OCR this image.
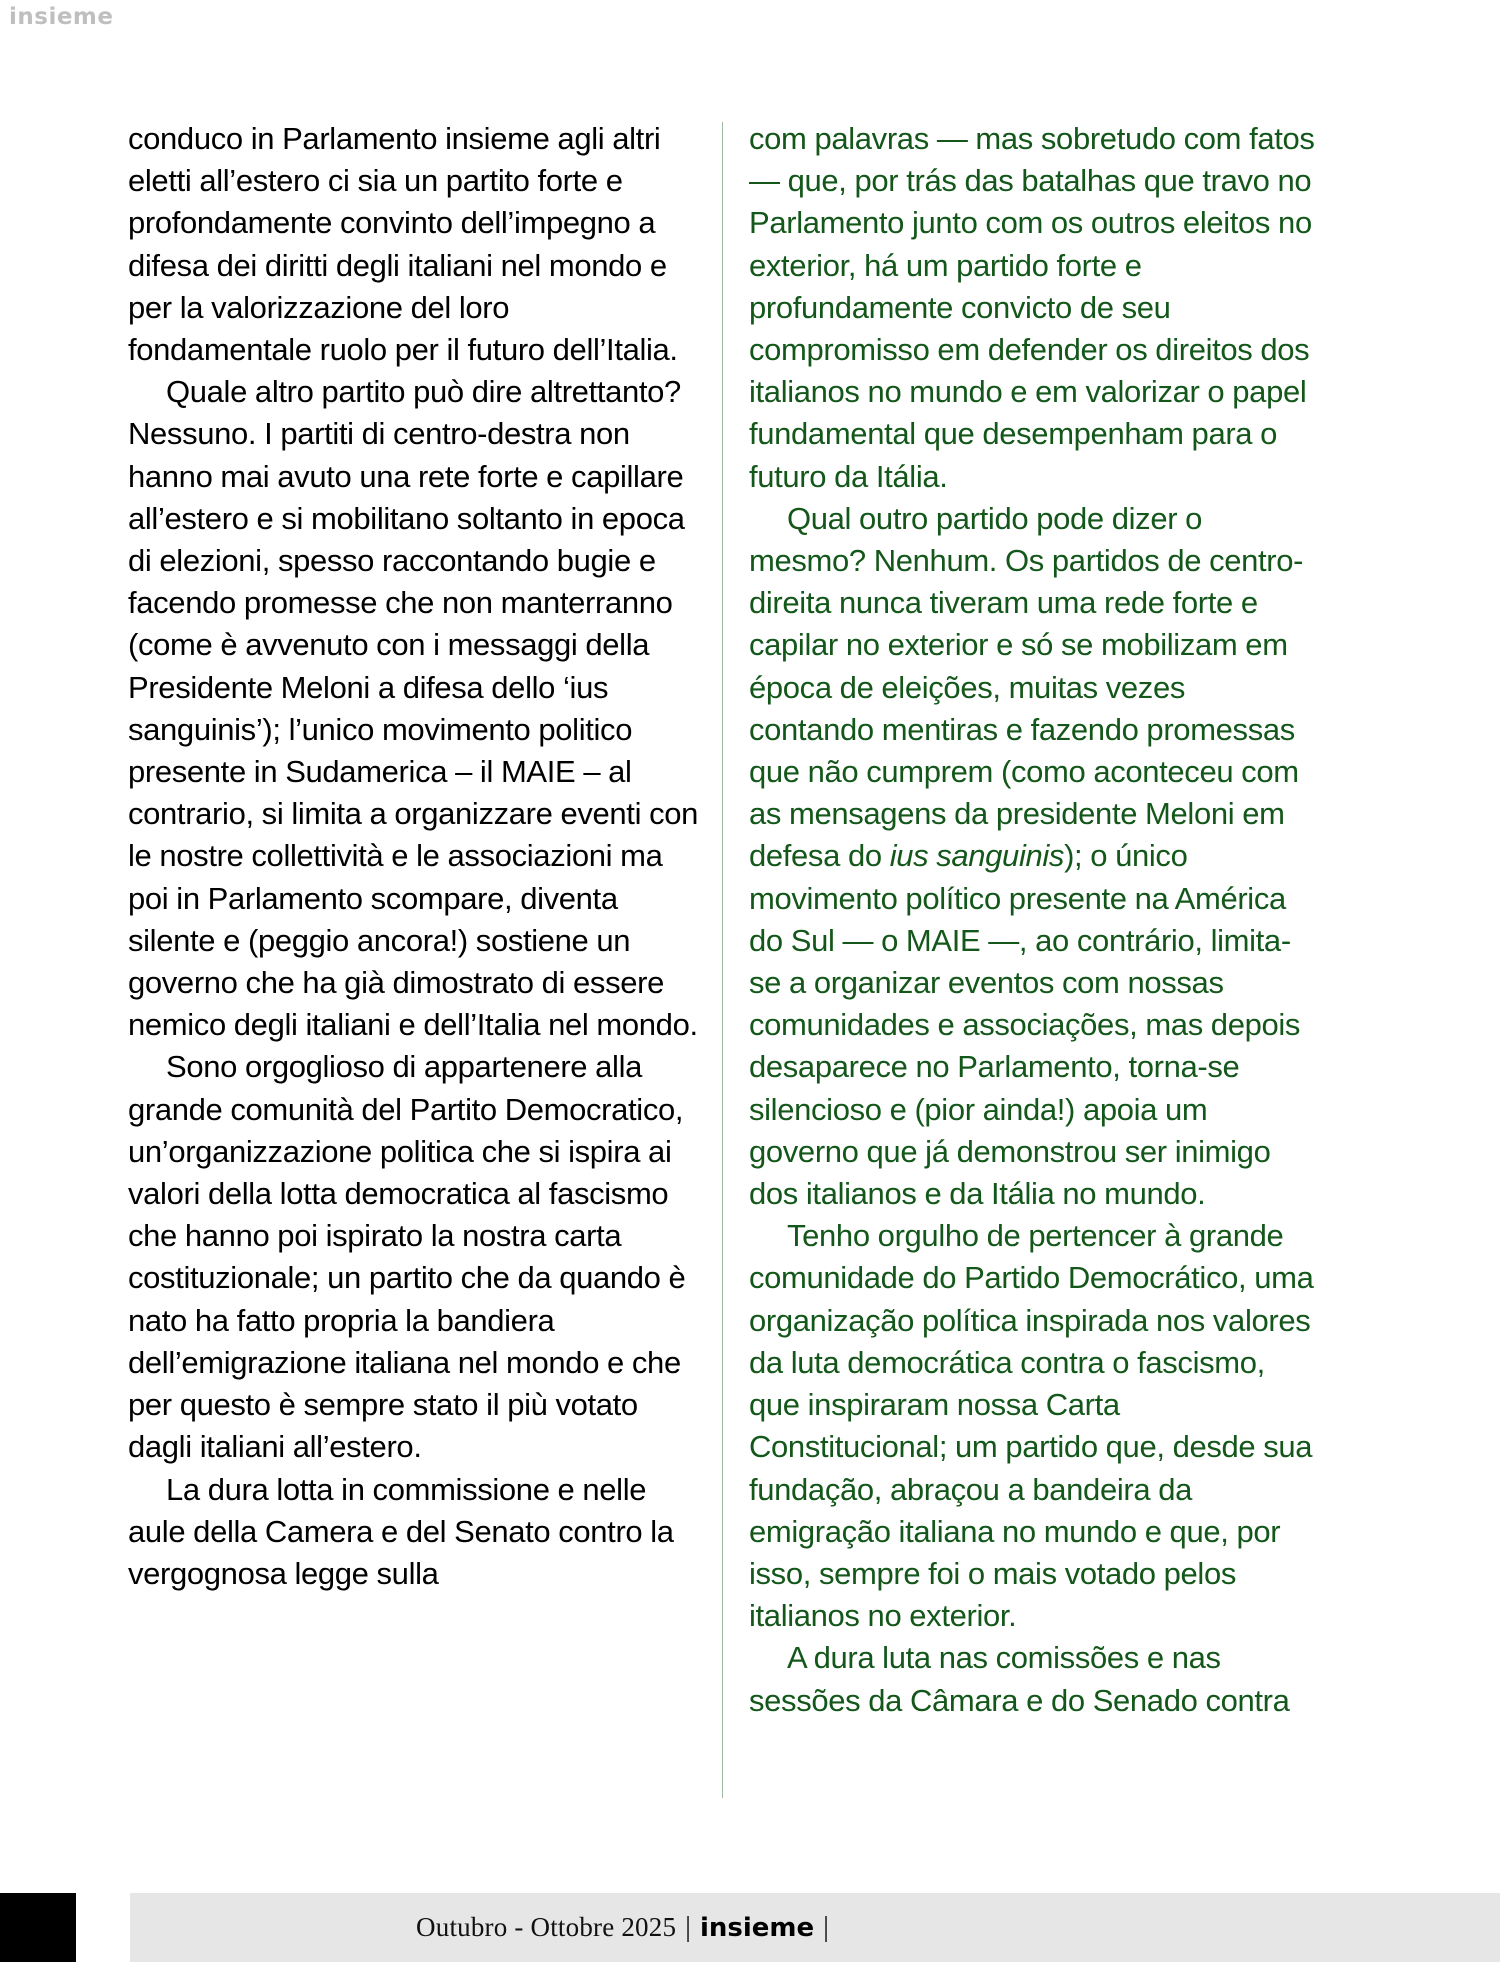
insieme

conduco in Parlamento insieme agli altri eletti all’estero ci sia un partito forte e profondamente convinto dell’impegno a difesa dei diritti degli italiani nel mondo e per la valorizzazione del loro fondamentale ruolo per il futuro dell’Italia.

Quale altro partito può dire altrettanto? Nessuno. I partiti di centro-destra non hanno mai avuto una rete forte e capillare all’estero e si mobilitano soltanto in epoca di elezioni, spesso raccontando bugie e facendo promesse che non manterranno (come è avvenuto con i messaggi della Presidente Meloni a difesa dello ‘ius sanguinis’); l’unico movimento politico presente in Sudamerica – il MAIE – al contrario, si limita a organizzare eventi con le nostre collettività e le associazioni ma poi in Parlamento scompare, diventa silente e (peggio ancora!) sostiene un governo che ha già dimostrato di essere nemico degli italiani e dell’Italia nel mondo.

Sono orgoglioso di appartenere alla grande comunità del Partito Democratico, un’organizzazione politica che si ispira ai valori della lotta democratica al fascismo che hanno poi ispirato la nostra carta costituzionale; un partito che da quando è nato ha fatto propria la bandiera dell’emigrazione italiana nel mondo e che per questo è sempre stato il più votato dagli italiani all’estero.

La dura lotta in commissione e nelle aule della Camera e del Senato contro la vergognosa legge sulla

com palavras — mas sobretudo com fatos — que, por trás das batalhas que travo no Parlamento junto com os outros eleitos no exterior, há um partido forte e profundamente convicto de seu compromisso em defender os direitos dos italianos no mundo e em valorizar o papel fundamental que desempenham para o futuro da Itália.

Qual outro partido pode dizer o mesmo? Nenhum. Os partidos de centro-direita nunca tiveram uma rede forte e capilar no exterior e só se mobilizam em época de eleições, muitas vezes contando mentiras e fazendo promessas que não cumprem (como aconteceu com as mensagens da presidente Meloni em defesa do ius sanguinis); o único movimento político presente na América do Sul — o MAIE —, ao contrário, limita-se a organizar eventos com nossas comunidades e associações, mas depois desaparece no Parlamento, torna-se silencioso e (pior ainda!) apoia um governo que já demonstrou ser inimigo dos italianos e da Itália no mundo.

Tenho orgulho de pertencer à grande comunidade do Partido Democrático, uma organização política inspirada nos valores da luta democrática contra o fascismo, que inspiraram nossa Carta Constitucional; um partido que, desde sua fundação, abraçou a bandeira da emigração italiana no mundo e que, por isso, sempre foi o mais votado pelos italianos no exterior.

A dura luta nas comissões e nas sessões da Câmara e do Senado contra

Outubro - Ottobre 2025 | insieme |
